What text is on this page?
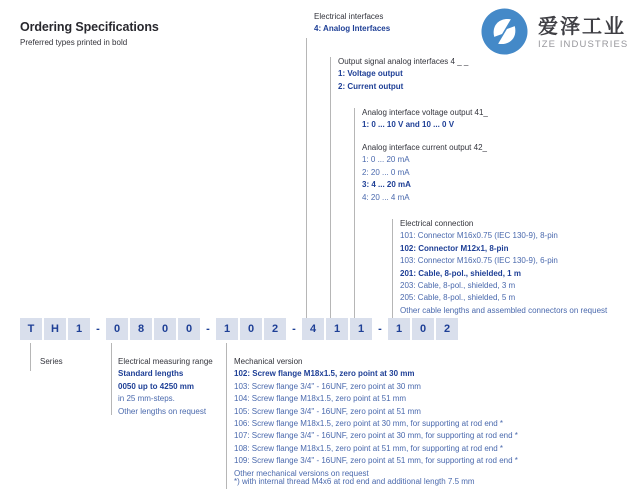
Ordering Specifications
Preferred types printed in bold
爱泽工业
IZE INDUSTRIES
Electrical interfaces
4: Analog Interfaces
Output signal analog interfaces 4 _ _
1: Voltage output
2: Current output
Analog interface voltage output 41_
1: 0 ... 10 V and 10 ... 0 V
Analog interface current output 42_
1: 0 ... 20 mA
2: 20 ... 0 mA
3: 4 ... 20 mA
4: 20 ... 4 mA
Electrical connection
101: Connector M16x0.75 (IEC 130-9), 8-pin
102: Connector M12x1, 8-pin
103: Connector M16x0.75 (IEC 130-9), 6-pin
201: Cable, 8-pol., shielded, 1 m
203: Cable, 8-pol., shielded, 3 m
205: Cable, 8-pol., shielded, 5 m
Other cable lengths and assembled connectors on request
T	H	1	-	0	8	0	0	-	1	0	2	-	4	1	1	-	1	0	2
Series	Electrical measuring range
Standard lengths
0050 up to 4250 mm
in 25 mm-steps.
Other lengths on request
Mechanical version
102: Screw flange M18x1.5, zero point at 30 mm
103: Screw flange 3/4" - 16UNF, zero point at 30 mm
104: Screw flange M18x1.5, zero point at 51 mm
105: Screw flange 3/4" - 16UNF, zero point at 51 mm
106: Screw flange M18x1.5, zero point at 30 mm, for supporting at rod end *
107: Screw flange 3/4" - 16UNF, zero point at 30 mm, for supporting at rod end *
108: Screw flange M18x1.5, zero point at 51 mm, for supporting at rod end *
109: Screw flange 3/4" - 16UNF, zero point at 51 mm, for supporting at rod end *
Other mechanical versions on request
*) with internal thread M4x6 at rod end and additional length 7.5 mm
